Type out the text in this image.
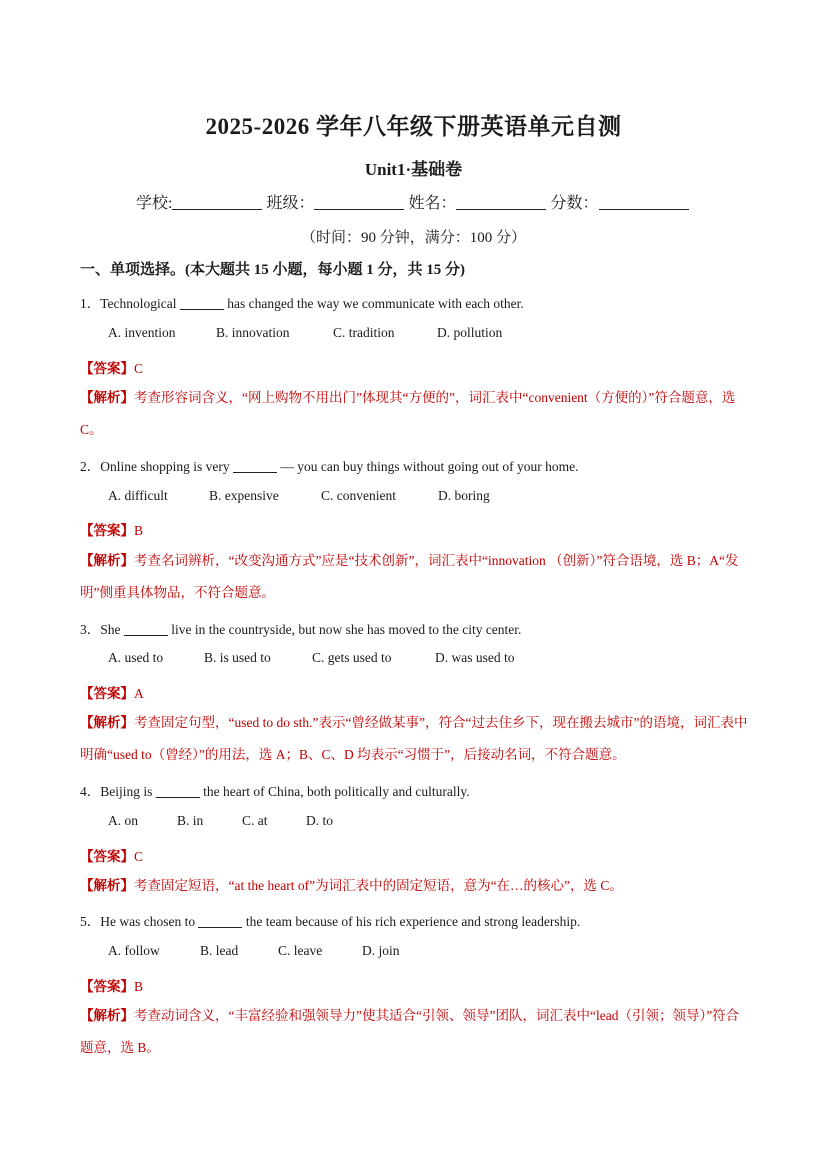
2025-2026 学年八年级下册英语单元自测
Unit1·基础卷
学校:	班级：	姓名：	分数：
（时间：90 分钟，满分：100 分）
一、单项选择。(本大题共 15 小题，每小题 1 分，共 15 分)
1．Technological	has changed the way we communicate with each other.
A. invention	B. innovation	C. tradition	D. pollution
【答案】C
【解析】考查形容词含义，“网上购物不用出门”体现其“方便的”，词汇表中“convenient（方便的）”符合题意，选 C。
2．Online shopping is very	— you can buy things without going out of your home.
A. difficult	B. expensive	C. convenient	D. boring
【答案】B
【解析】考查名词辨析，“改变沟通方式”应是“技术创新”，词汇表中“innovation （创新）”符合语境，选 B；A“发明”侧重具体物品，不符合题意。
3．She	live in the countryside, but now she has moved to the city center.
A. used to	B. is used to	C. gets used to	D. was used to
【答案】A
【解析】考查固定句型，“used to do sth.”表示“曾经做某事”，符合“过去住乡下，现在搬去城市”的语境，词汇表中明确“used to（曾经）”的用法，选 A；B、C、D 均表示“习惯于”，后接动名词，不符合题意。
4．Beijing is	the heart of China, both politically and culturally.
A. on	B. in	C. at	D. to
【答案】C
【解析】考查固定短语，“at the heart of”为词汇表中的固定短语，意为“在…的核心”，选 C。
5．He was chosen to	the team because of his rich experience and strong leadership.
A. follow	B. lead	C. leave	D. join
【答案】B
【解析】考查动词含义，“丰富经验和强领导力”使其适合“引领、领导”团队，词汇表中“lead（引领；领导）”符合题意，选 B。
